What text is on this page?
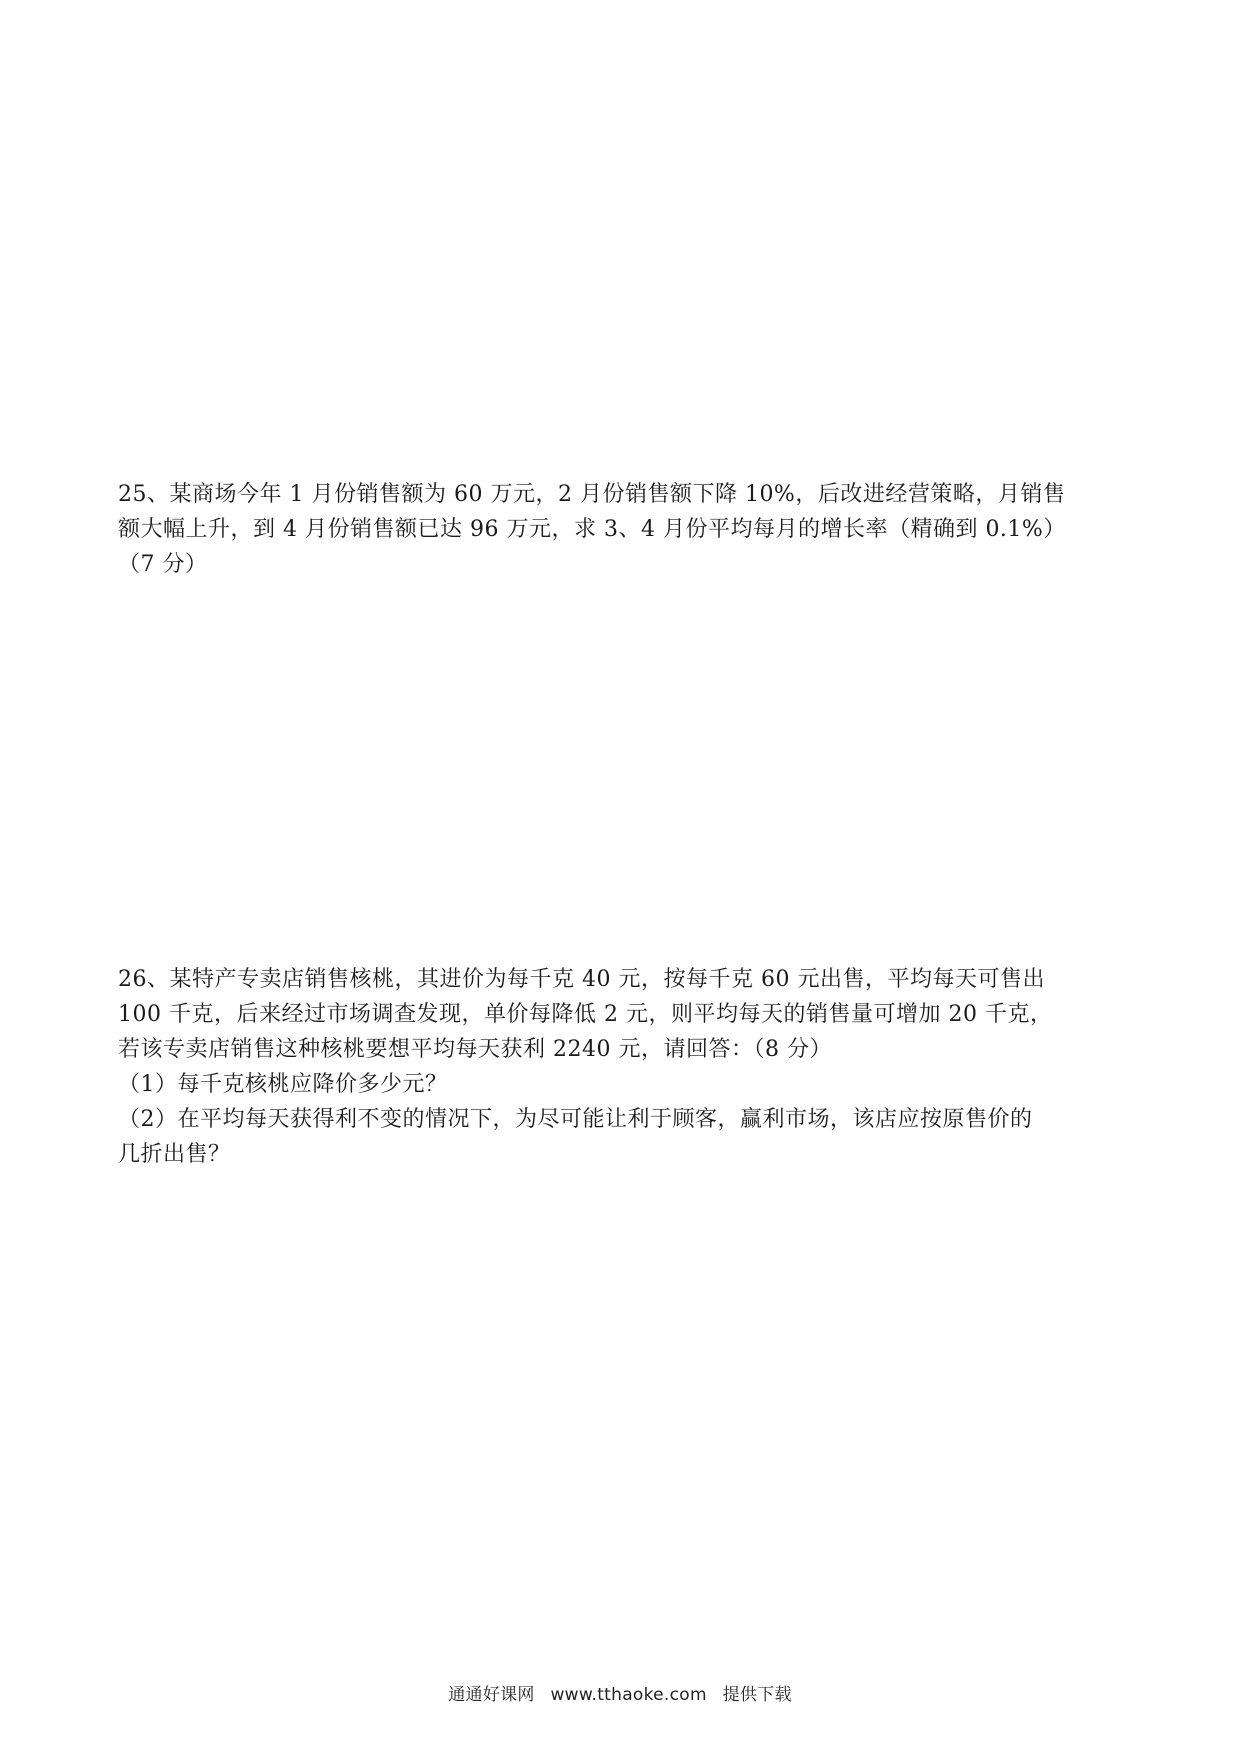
25、某商场今年 1 月份销售额为 60 万元，2 月份销售额下降 10%，后改进经营策略，月销售
额大幅上升，到 4 月份销售额已达 96 万元，求 3、4 月份平均每月的增长率（精确到 0.1%）
（7 分）
26、某特产专卖店销售核桃，其进价为每千克 40 元，按每千克 60 元出售，平均每天可售出
100 千克，后来经过市场调查发现，单价每降低 2 元，则平均每天的销售量可增加 20 千克，
若该专卖店销售这种核桃要想平均每天获利 2240 元，请回答：（8 分）
（1）每千克核桃应降价多少元？
（2）在平均每天获得利不变的情况下，为尽可能让利于顾客，赢利市场，该店应按原售价的
几折出售？
通通好课网 www.tthaoke.com 提供下载
